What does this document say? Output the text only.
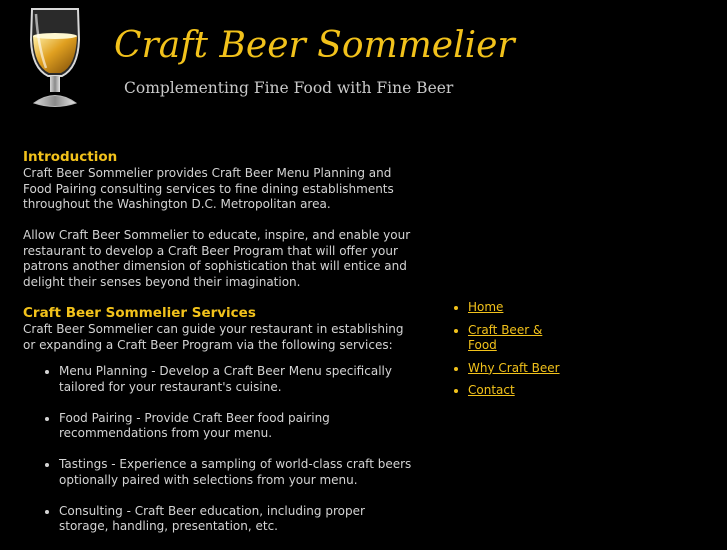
Craft Beer Sommelier
Complementing Fine Food with Fine Beer
Introduction

Craft Beer Sommelier provides Craft Beer Menu Planning and Food Pairing consulting services to fine dining establishments throughout the Washington D.C. Metropolitan area.

Allow Craft Beer Sommelier to educate, inspire, and enable your restaurant to develop a Craft Beer Program that will offer your patrons another dimension of sophistication that will entice and delight their senses beyond their imagination.

Craft Beer Sommelier Services

Craft Beer Sommelier can guide your restaurant in establishing or expanding a Craft Beer Program via the following services:

• Menu Planning - Develop a Craft Beer Menu specifically tailored for your restaurant's cuisine.
• Food Pairing - Provide Craft Beer food pairing recommendations from your menu.
• Tastings - Experience a sampling of world-class craft beers optionally paired with selections from your menu.
• Consulting - Craft Beer education, including proper storage, handling, presentation, etc.
• Home
• Craft Beer & Food
• Why Craft Beer
• Contact
